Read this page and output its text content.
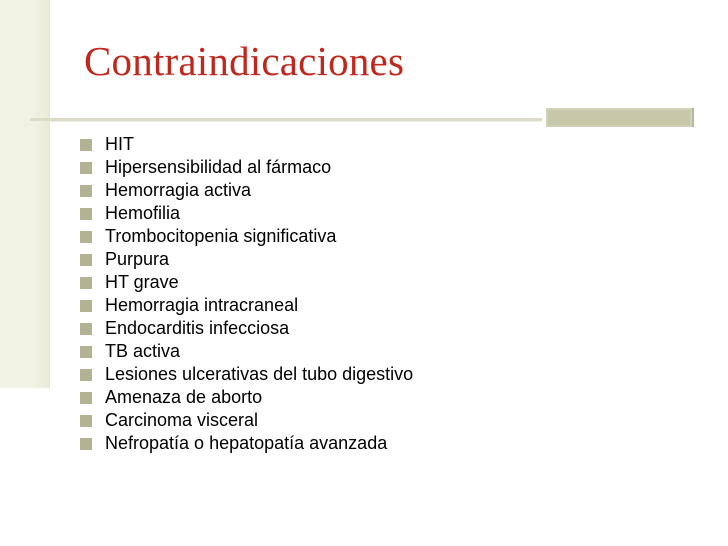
Contraindicaciones
HIT
Hipersensibilidad al fármaco
Hemorragia activa
Hemofilia
Trombocitopenia significativa
Purpura
HT grave
Hemorragia intracraneal
Endocarditis infecciosa
TB activa
Lesiones ulcerativas del tubo digestivo
Amenaza de aborto
Carcinoma visceral
Nefropatía o hepatopatía avanzada
